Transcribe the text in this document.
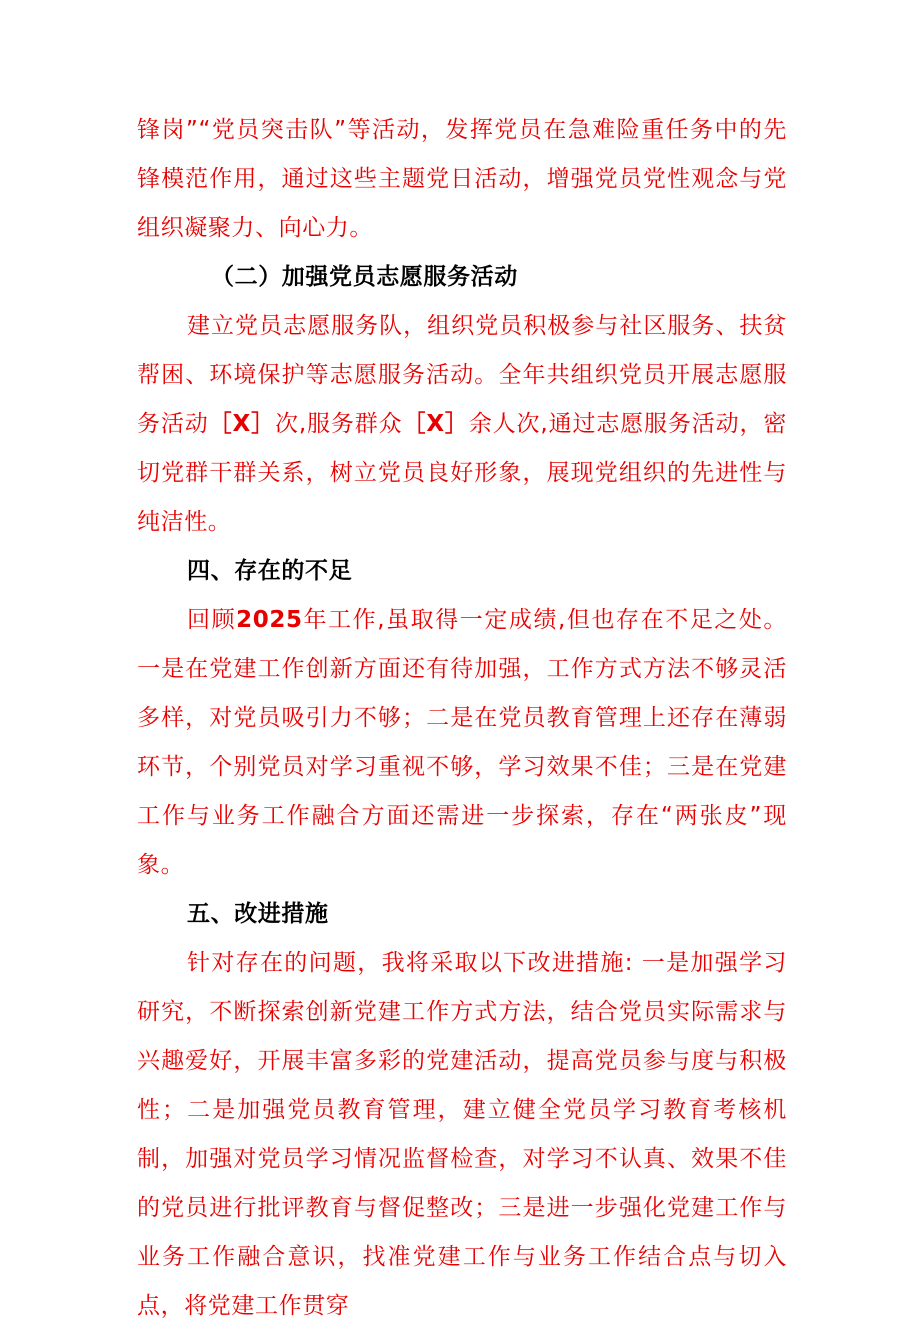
锋岗”“党员突击队”等活动，发挥党员在急难险重任务中的先锋模范作用，通过这些主题党日活动，增强党员党性观念与党组织凝聚力、向心力。

（二）加强党员志愿服务活动

建立党员志愿服务队，组织党员积极参与社区服务、扶贫帮困、环境保护等志愿服务活动。全年共组织党员开展志愿服务活动［X］次,服务群众［X］余人次,通过志愿服务活动，密切党群干群关系，树立党员良好形象，展现党组织的先进性与纯洁性。

四、存在的不足

回顾2025年工作,虽取得一定成绩,但也存在不足之处。一是在党建工作创新方面还有待加强，工作方式方法不够灵活多样，对党员吸引力不够；二是在党员教育管理上还存在薄弱环节，个别党员对学习重视不够，学习效果不佳；三是在党建工作与业务工作融合方面还需进一步探索，存在“两张皮”现象。

五、改进措施

针对存在的问题，我将采取以下改进措施: 一是加强学习研究，不断探索创新党建工作方式方法，结合党员实际需求与兴趣爱好，开展丰富多彩的党建活动，提高党员参与度与积极性；二是加强党员教育管理，建立健全党员学习教育考核机制，加强对党员学习情况监督检查，对学习不认真、效果不佳的党员进行批评教育与督促整改；三是进一步强化党建工作与业务工作融合意识，找准党建工作与业务工作结合点与切入点，将党建工作贯穿
